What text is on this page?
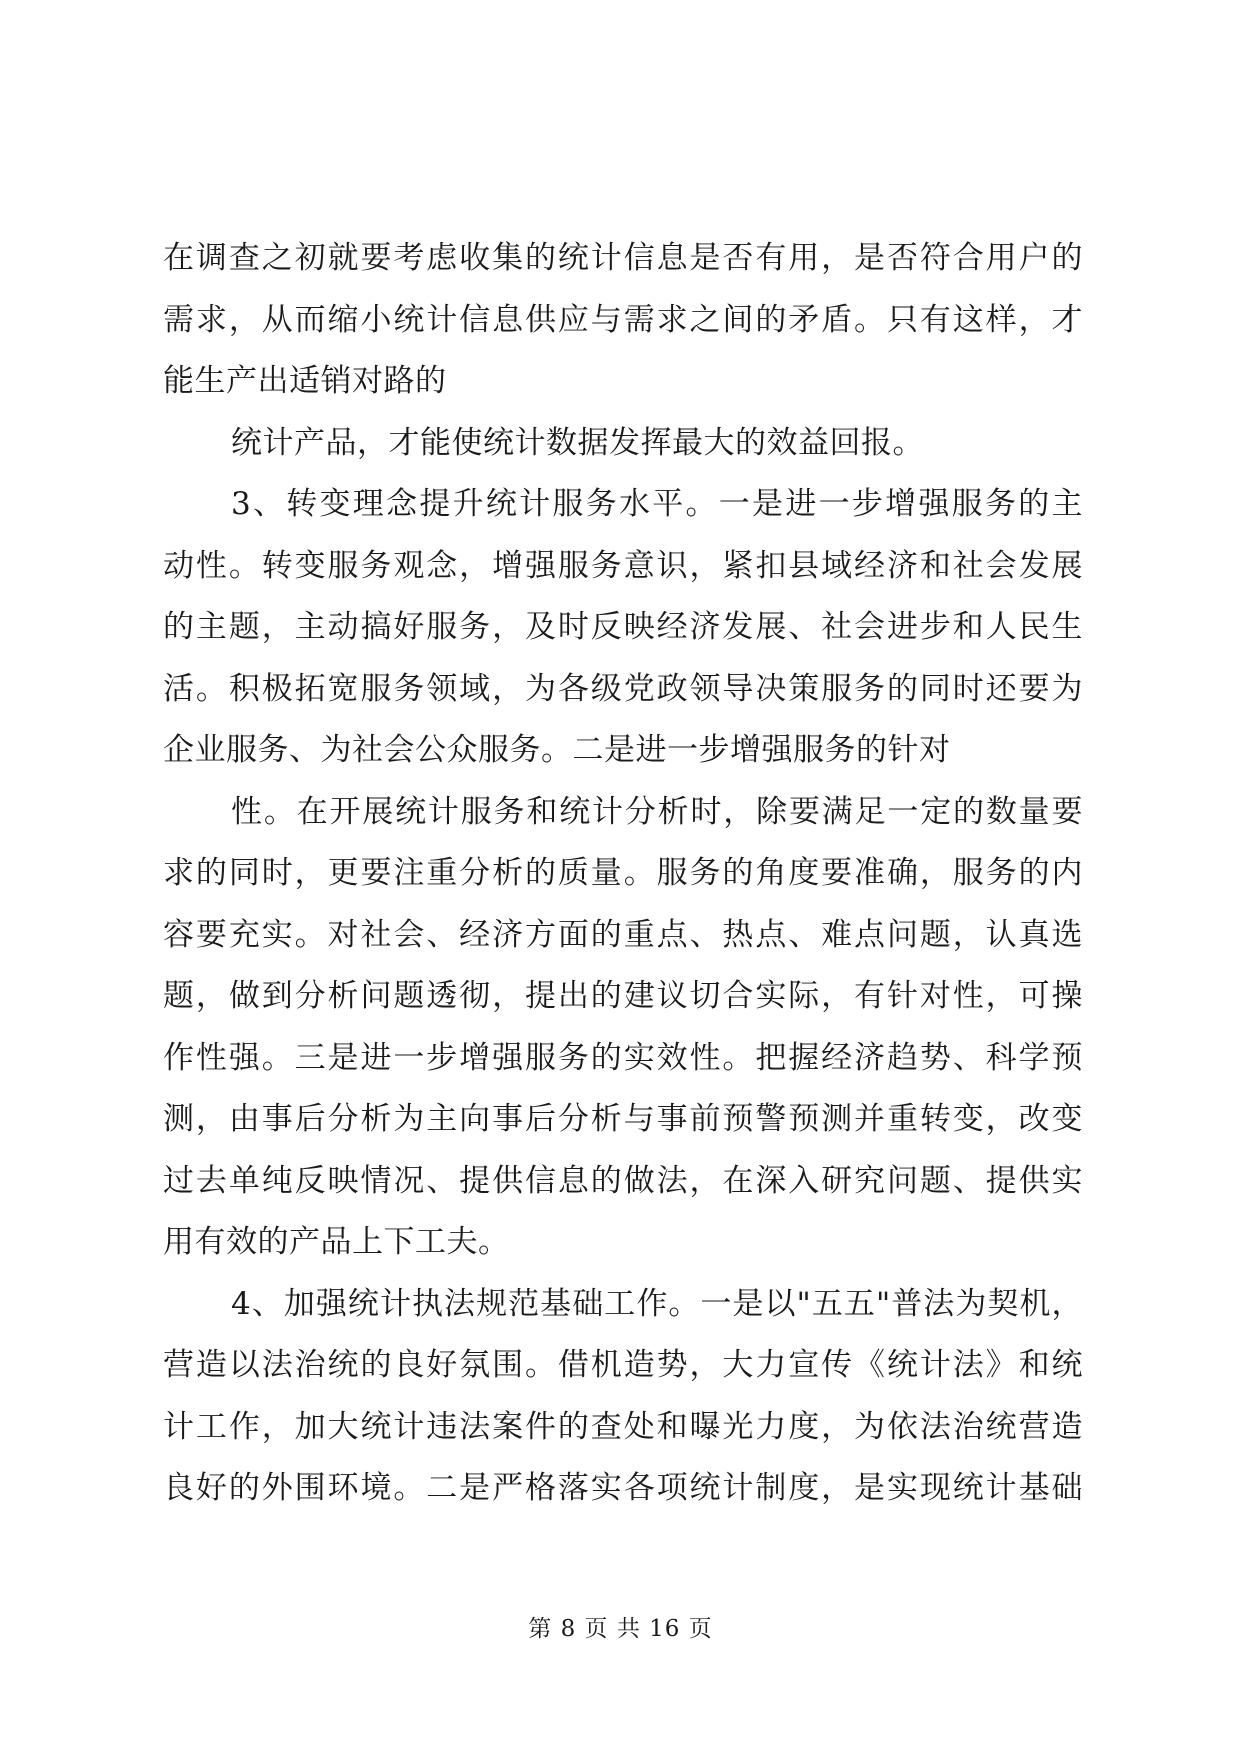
在调查之初就要考虑收集的统计信息是否有用，是否符合用户的
需求，从而缩小统计信息供应与需求之间的矛盾。只有这样，才
能生产出适销对路的
统计产品，才能使统计数据发挥最大的效益回报。
3、转变理念提升统计服务水平。一是进一步增强服务的主
动性。转变服务观念，增强服务意识，紧扣县域经济和社会发展
的主题，主动搞好服务，及时反映经济发展、社会进步和人民生
活。积极拓宽服务领域，为各级党政领导决策服务的同时还要为
企业服务、为社会公众服务。二是进一步增强服务的针对
性。在开展统计服务和统计分析时，除要满足一定的数量要
求的同时，更要注重分析的质量。服务的角度要准确，服务的内
容要充实。对社会、经济方面的重点、热点、难点问题，认真选
题，做到分析问题透彻，提出的建议切合实际，有针对性，可操
作性强。三是进一步增强服务的实效性。把握经济趋势、科学预
测，由事后分析为主向事后分析与事前预警预测并重转变，改变
过去单纯反映情况、提供信息的做法，在深入研究问题、提供实
用有效的产品上下工夫。
4、加强统计执法规范基础工作。一是以"五五"普法为契机，
营造以法治统的良好氛围。借机造势，大力宣传《统计法》和统
计工作，加大统计违法案件的查处和曝光力度，为依法治统营造
良好的外围环境。二是严格落实各项统计制度，是实现统计基础
第 8 页 共 16 页
